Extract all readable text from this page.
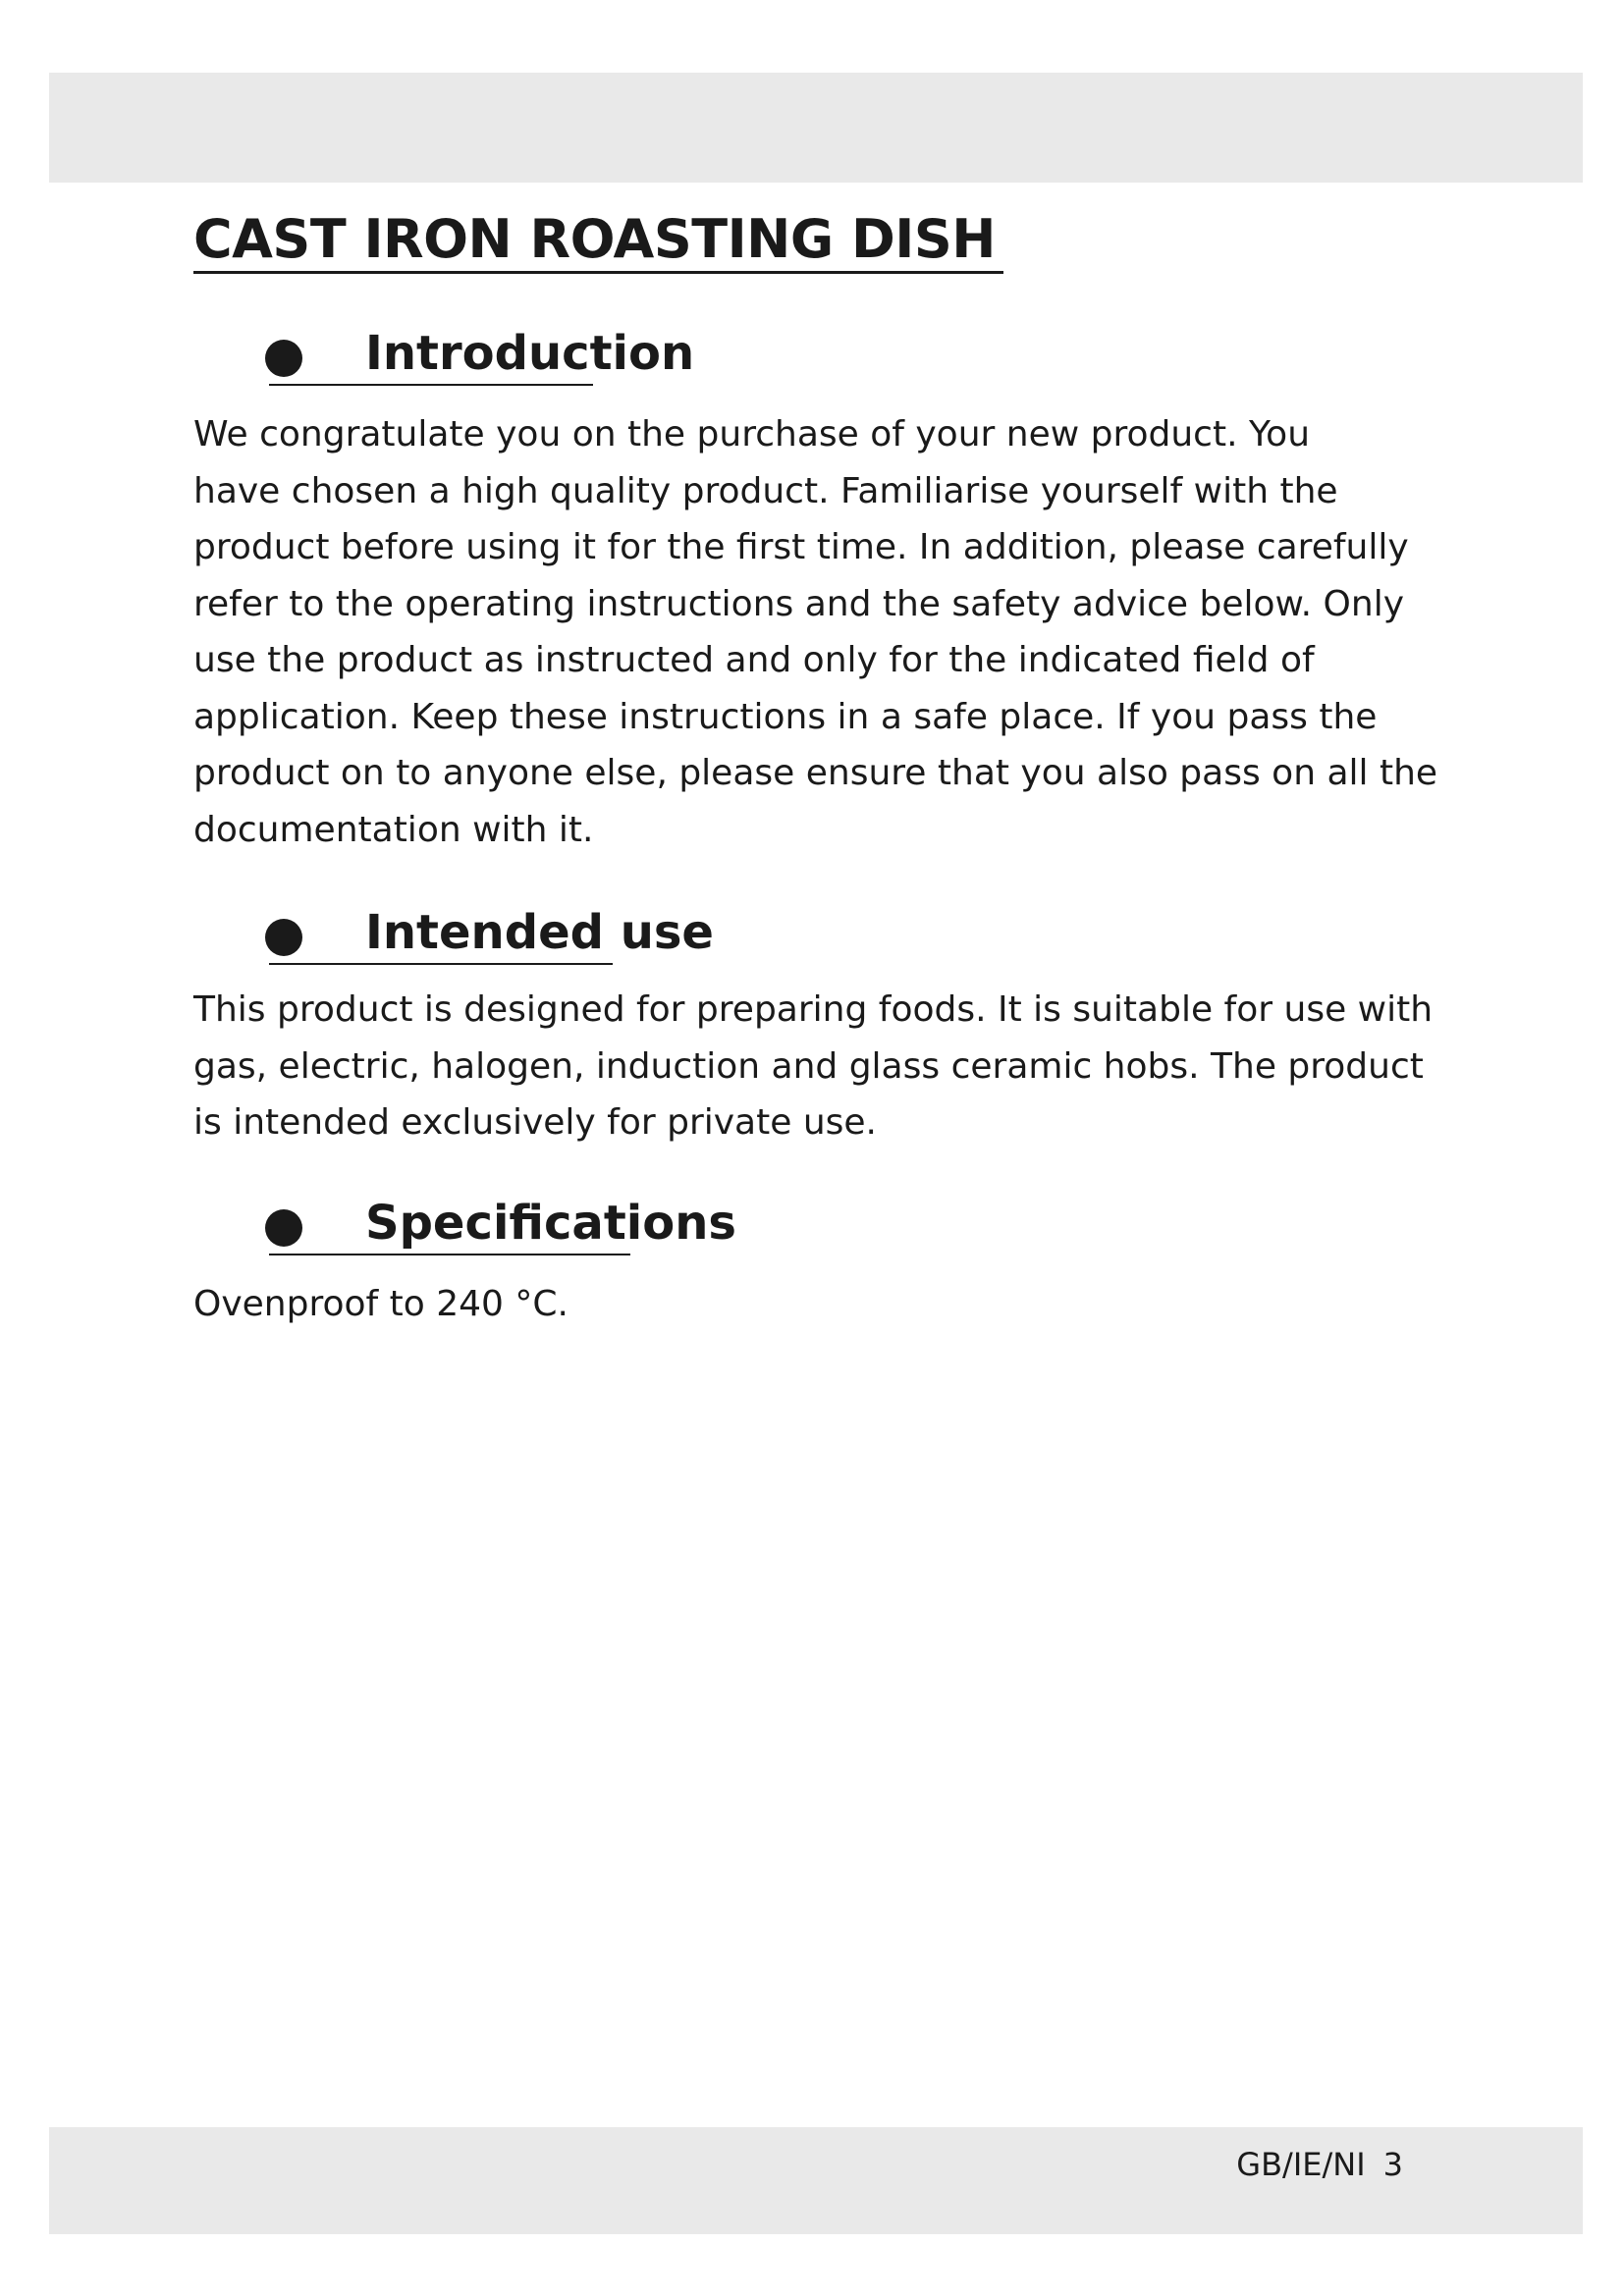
CAST IRON ROASTING DISH
Introduction

We congratulate you on the purchase of your new product. You
have chosen a high quality product. Familiarise yourself with the
product before using it for the first time. In addition, please carefully
refer to the operating instructions and the safety advice below. Only
use the product as instructed and only for the indicated field of
application. Keep these instructions in a safe place. If you pass the
product on to anyone else, please ensure that you also pass on all the
documentation with it.

Intended use

This product is designed for preparing foods. It is suitable for use with
gas, electric, halogen, induction and glass ceramic hobs. The product
is intended exclusively for private use.

Specifications

Ovenproof to 240 °C.

GB/IE/NI 3
